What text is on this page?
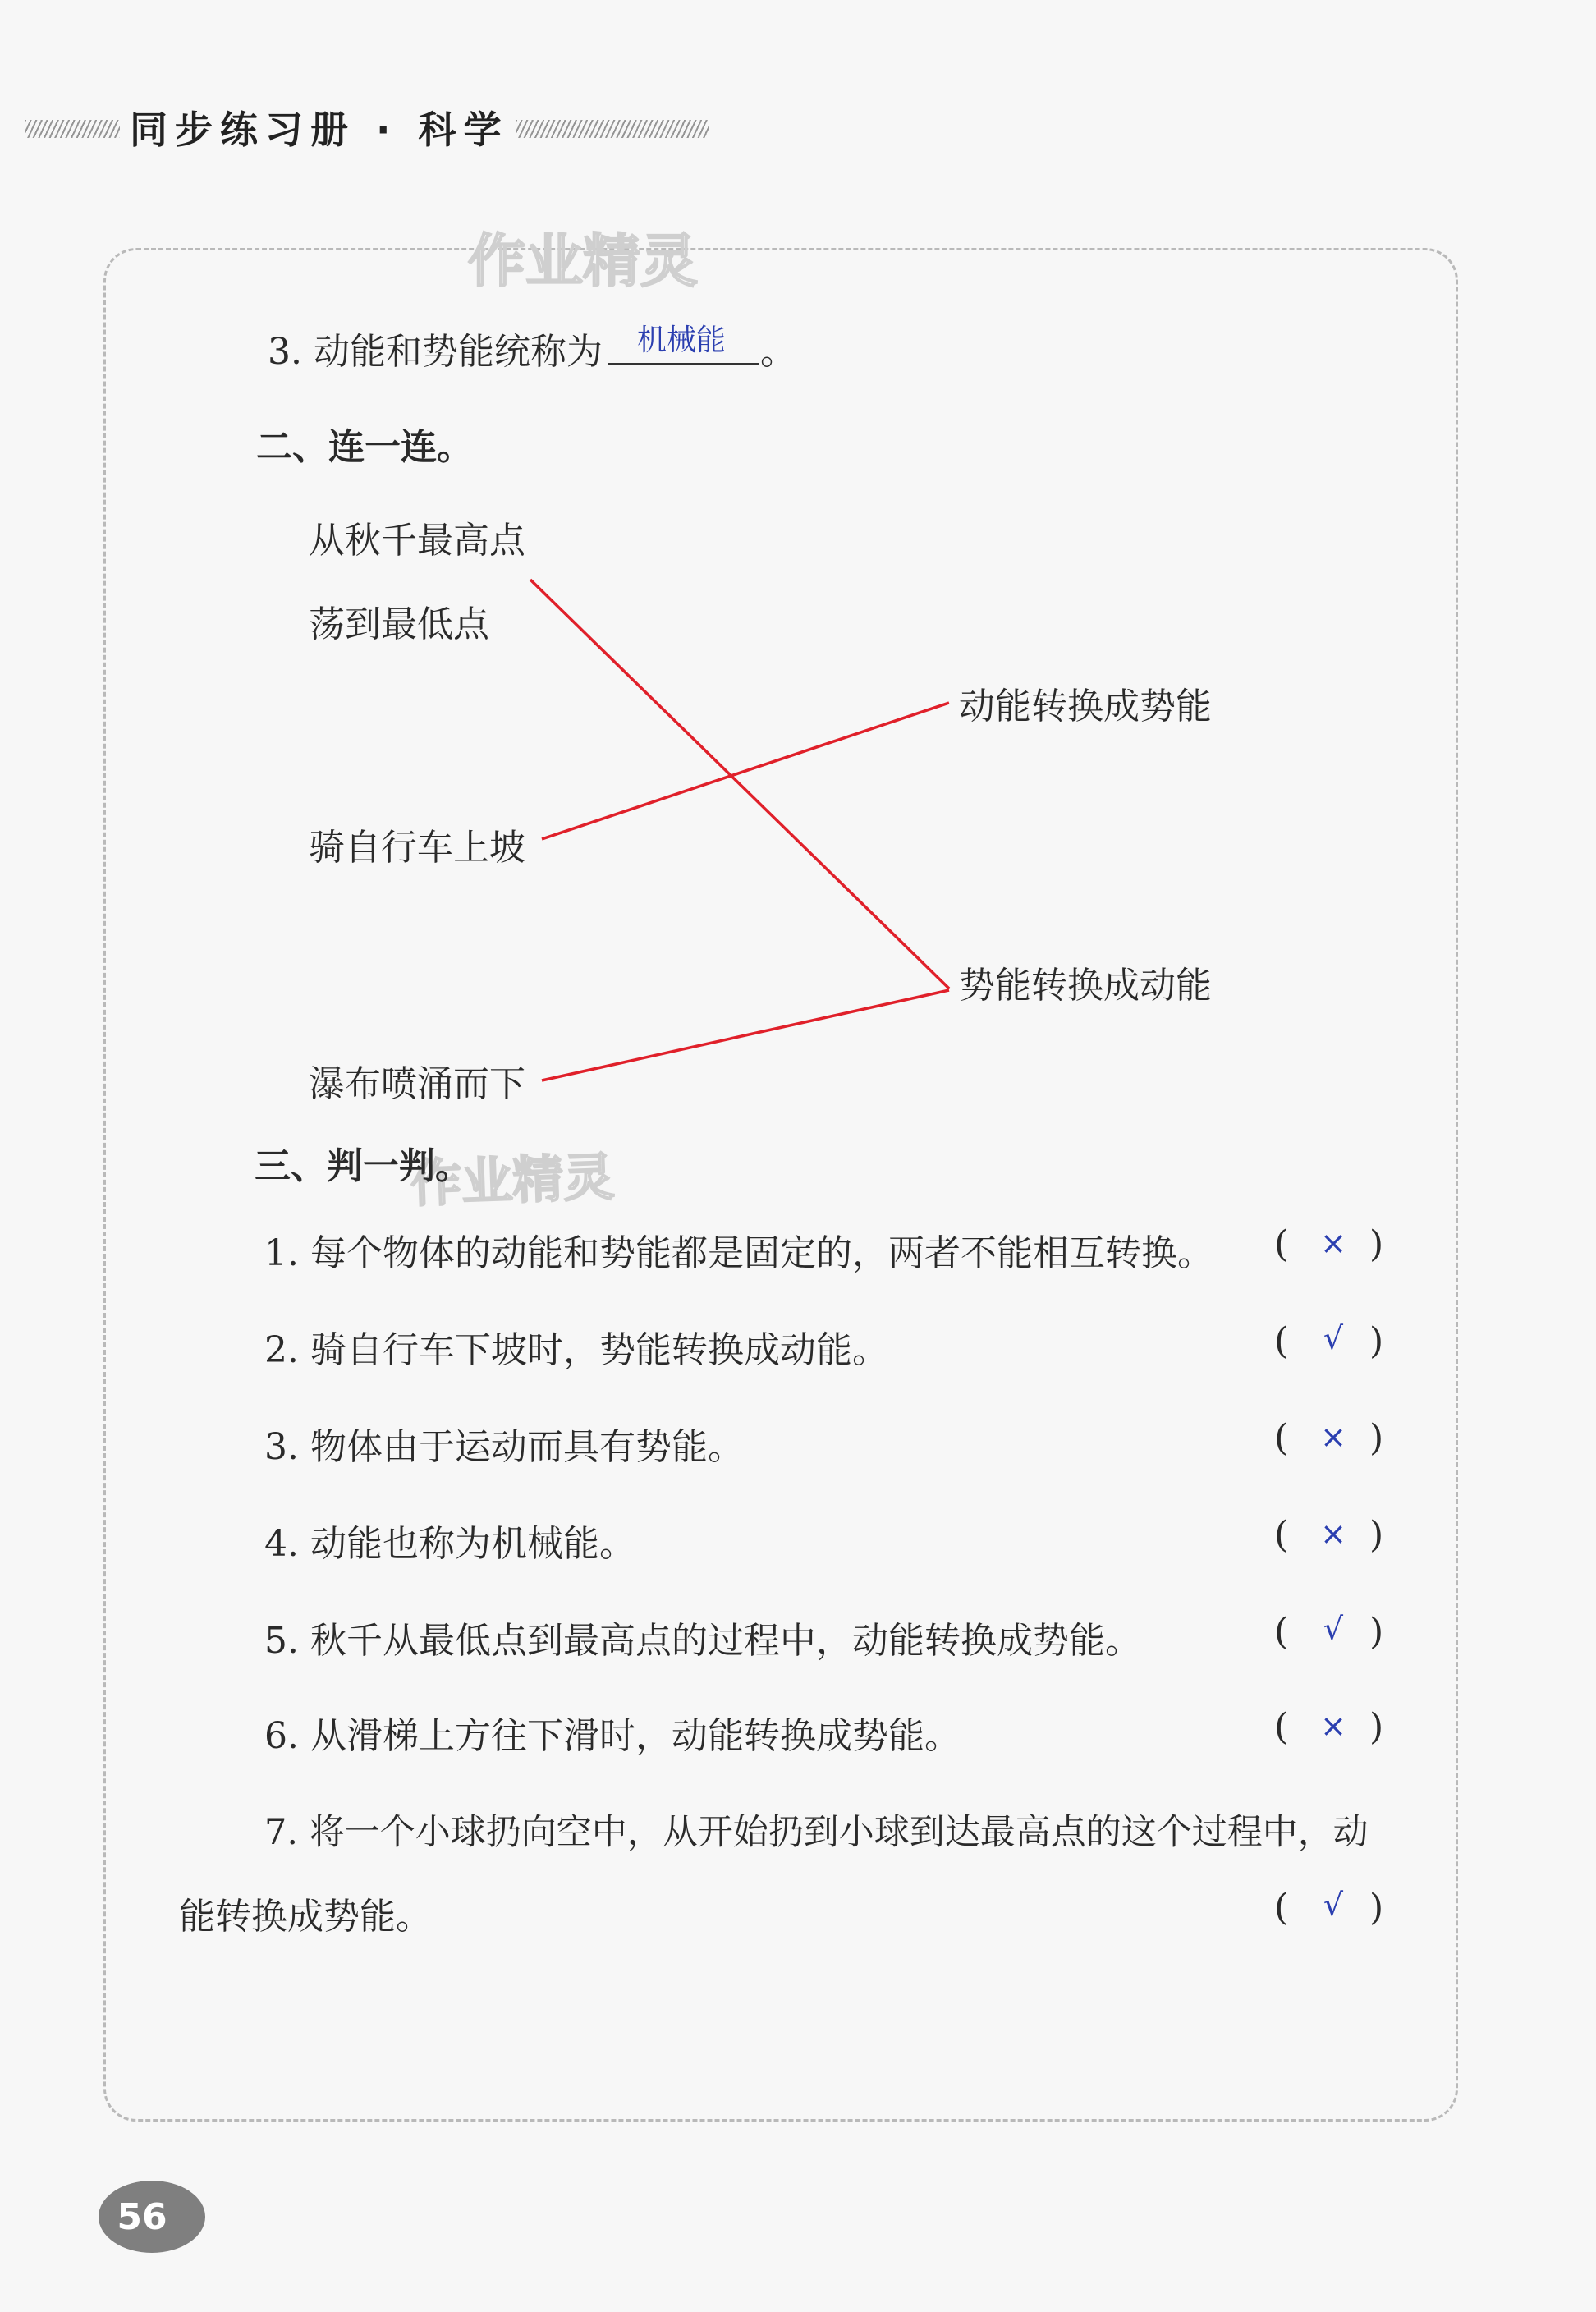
同步练习册 · 科学
作业精灵
作业精灵
3. 动能和势能统称为 机械能 。
二、连一连。
从秋千最高点
荡到最低点
骑自行车上坡
瀑布喷涌而下
动能转换成势能
势能转换成动能
三、判一判。
1. 每个物体的动能和势能都是固定的，两者不能相互转换。
2. 骑自行车下坡时，势能转换成动能。
3. 物体由于运动而具有势能。
4. 动能也称为机械能。
5. 秋千从最低点到最高点的过程中，动能转换成势能。
6. 从滑梯上方往下滑时，动能转换成势能。
7. 将一个小球扔向空中，从开始扔到小球到达最高点的这个过程中，动
能转换成势能。
(	× )
(	√ )
(	× )
(	× )
(	√ )
(	× )
(	√ )
56
